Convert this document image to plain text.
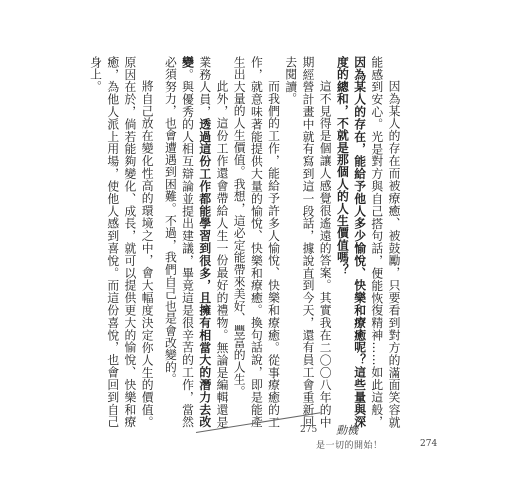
因為某人的存在而被療癒、被鼓勵，只要看到對方的滿面笑容就能感到安心。光是對方與自己搭句話，便能恢復精神……如此這般，因為某人的存在，能給予他人多少愉悅、快樂和療癒呢？這些量與深度的總和，不就是那個人的人生價值嗎？

這不見得是個讓人感覺很遙遠的答案。其實我在二〇〇八年的中期經營計畫中就有寫到這一段話，據說直到今天，還有員工會重新回去閱讀。

而我們的工作，能給予許多人愉悅、快樂和療癒。從事療癒的工作，就意味著能提供大量的愉悅、快樂和療癒。換句話說，即是能產生出大量的人生價值。我想，這必定能帶來美好、豐富的人生。

此外，這份工作還會帶給人生一份最好的禮物。無論是編輯還是業務人員，透過這份工作都能學習到很多，且擁有相當大的潛力去改變。與優秀的人相互辯論並提出建議，畢竟這是很辛苦的工作，當然必須努力，也會遭遇到困難。不過，我們自己也是會改變的。

將自己放在變化性高的環境之中，會大幅度決定你人生的價值。原因在於，倘若能夠變化、成長，就可以提供更大的愉悅、快樂和療癒，為他人派上用場，使他人感到喜悅。而這份喜悅，也會回到自己身上。

275 動機
是一切的開始！	274
